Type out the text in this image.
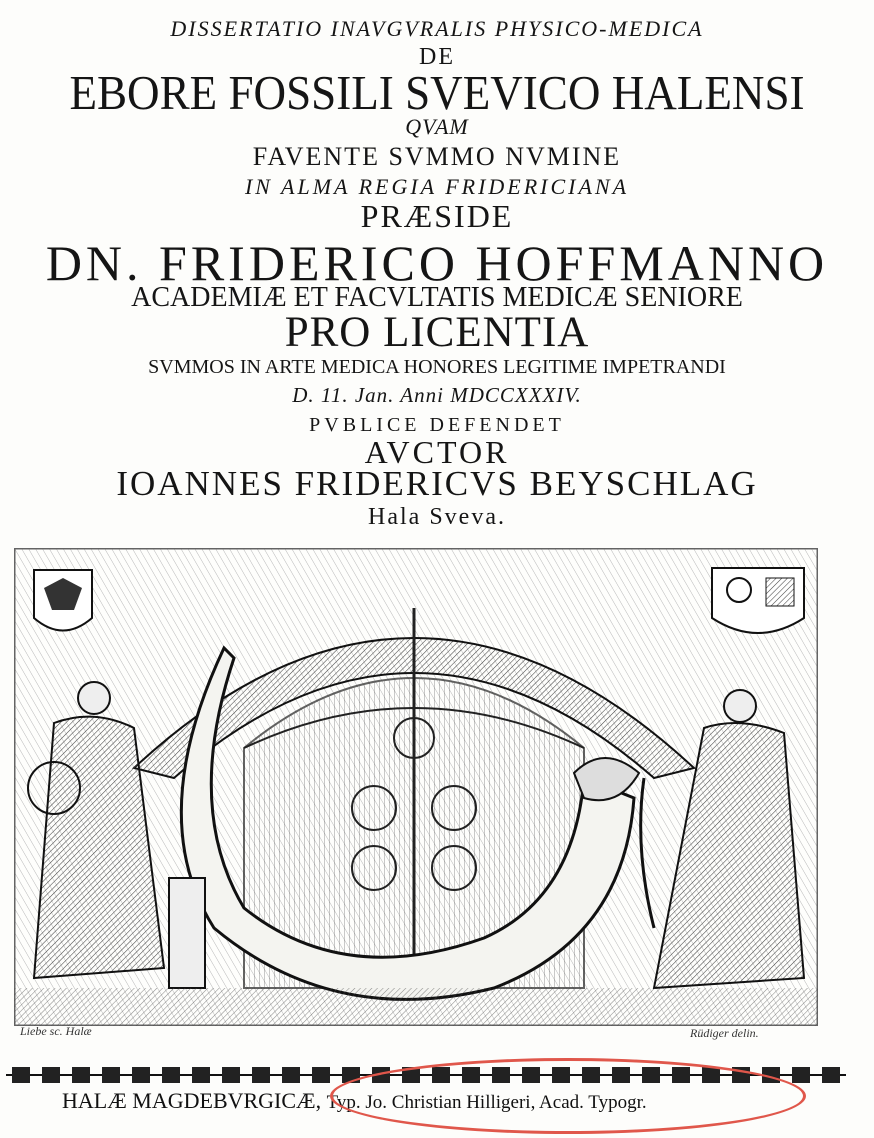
DISSERTATIO INAVGVRALIS PHYSICO-MEDICA
DE
EBORE FOSSILI SVEVICO HALENSI
QVAM
FAVENTE SVMMO NVMINE
IN ALMA REGIA FRIDERICIANA
PRÆSIDE
DN. FRIDERICO HOFFMANNO
ACADEMIÆ ET FACVLTATIS MEDICÆ SENIORE
PRO LICENTIA
SVMMOS IN ARTE MEDICA HONORES LEGITIME IMPETRANDI
D. 11. Jan. Anni MDCCXXXIV.
PVBLICE DEFENDET
AVCTOR
IOANNES FRIDERICVS BEYSCHLAG
Hala Sveva.
Liebe sc. Halæ	Rüdiger delin.
HALÆ MAGDEBVRGICÆ, Typ. Jo. Christian Hilligeri, Acad. Typogr.
